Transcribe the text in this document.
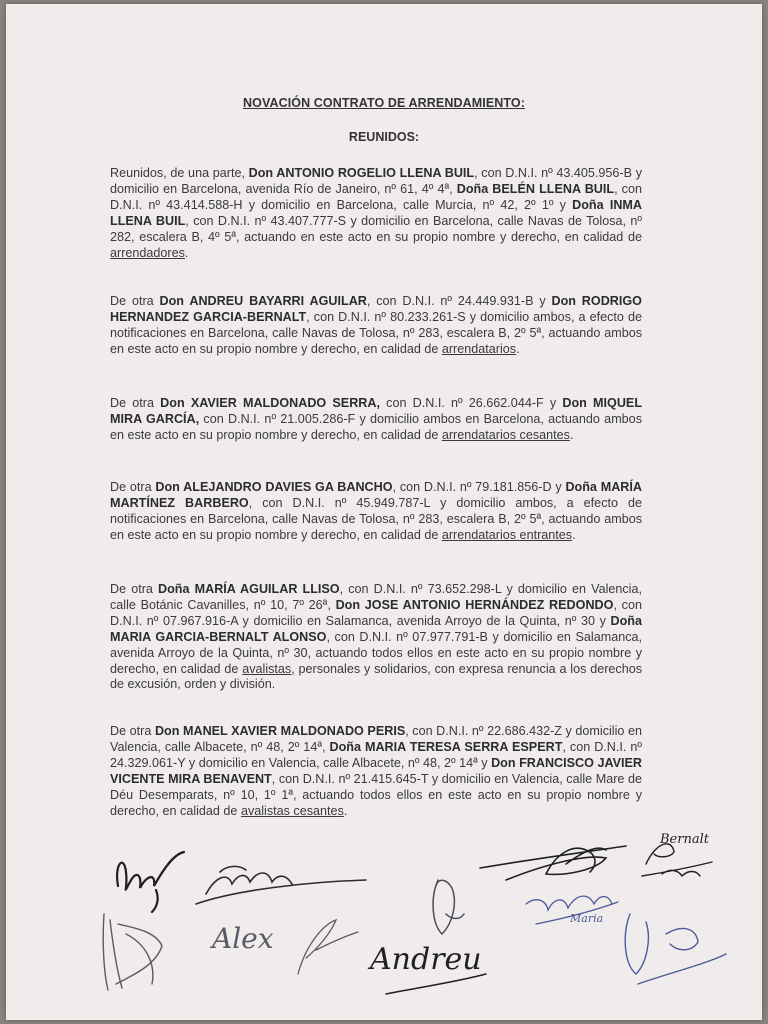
NOVACIÓN CONTRATO DE ARRENDAMIENTO:
REUNIDOS:
Reunidos, de una parte, Don ANTONIO ROGELIO LLENA BUIL, con D.N.I. nº 43.405.956-B y domicilio en Barcelona, avenida Río de Janeiro, nº 61, 4º 4ª, Doña BELÉN LLENA BUIL, con D.N.I. nº 43.414.588-H y domicilio en Barcelona, calle Murcia, nº 42, 2º 1º y Doña INMA LLENA BUIL, con D.N.I. nº 43.407.777-S y domicilio en Barcelona, calle Navas de Tolosa, nº 282, escalera B, 4º 5ª, actuando en este acto en su propio nombre y derecho, en calidad de arrendadores.
De otra Don ANDREU BAYARRI AGUILAR, con D.N.I. nº 24.449.931-B y Don RODRIGO HERNANDEZ GARCIA-BERNALT, con D.N.I. nº 80.233.261-S y domicilio ambos, a efecto de notificaciones en Barcelona, calle Navas de Tolosa, nº 283, escalera B, 2º 5ª, actuando ambos en este acto en su propio nombre y derecho, en calidad de arrendatarios.
De otra Don XAVIER MALDONADO SERRA, con D.N.I. nº 26.662.044-F y Don MIQUEL MIRA GARCÍA, con D.N.I. nº 21.005.286-F y domicilio ambos en Barcelona, actuando ambos en este acto en su propio nombre y derecho, en calidad de arrendatarios cesantes.
De otra Don ALEJANDRO DAVIES GA BANCHO, con D.N.I. nº 79.181.856-D y Doña MARÍA MARTÍNEZ BARBERO, con D.N.I. nº 45.949.787-L y domicilio ambos, a efecto de notificaciones en Barcelona, calle Navas de Tolosa, nº 283, escalera B, 2º 5ª, actuando ambos en este acto en su propio nombre y derecho, en calidad de arrendatarios entrantes.
De otra Doña MARÍA AGUILAR LLISO, con D.N.I. nº 73.652.298-L y domicilio en Valencia, calle Botánic Cavanilles, nº 10, 7º 26ª, Don JOSE ANTONIO HERNÁNDEZ REDONDO, con D.N.I. nº 07.967.916-A y domicilio en Salamanca, avenida Arroyo de la Quinta, nº 30 y Doña MARIA GARCIA-BERNALT ALONSO, con D.N.I. nº 07.977.791-B y domicilio en Salamanca, avenida Arroyo de la Quinta, nº 30, actuando todos ellos en este acto en su propio nombre y derecho, en calidad de avalistas, personales y solidarios, con expresa renuncia a los derechos de excusión, orden y división.
De otra Don MANEL XAVIER MALDONADO PERIS, con D.N.I. nº 22.686.432-Z y domicilio en Valencia, calle Albacete, nº 48, 2º 14ª, Doña MARIA TERESA SERRA ESPERT, con D.N.I. nº 24.329.061-Y y domicilio en Valencia, calle Albacete, nº 48, 2º 14ª y Don FRANCISCO JAVIER VICENTE MIRA BENAVENT, con D.N.I. nº 21.415.645-T y domicilio en Valencia, calle Mare de Déu Desemparats, nº 10, 1º 1ª, actuando todos ellos en este acto en su propio nombre y derecho, en calidad de avalistas cesantes.
Alex
Andreu
Bernalt
Maria
